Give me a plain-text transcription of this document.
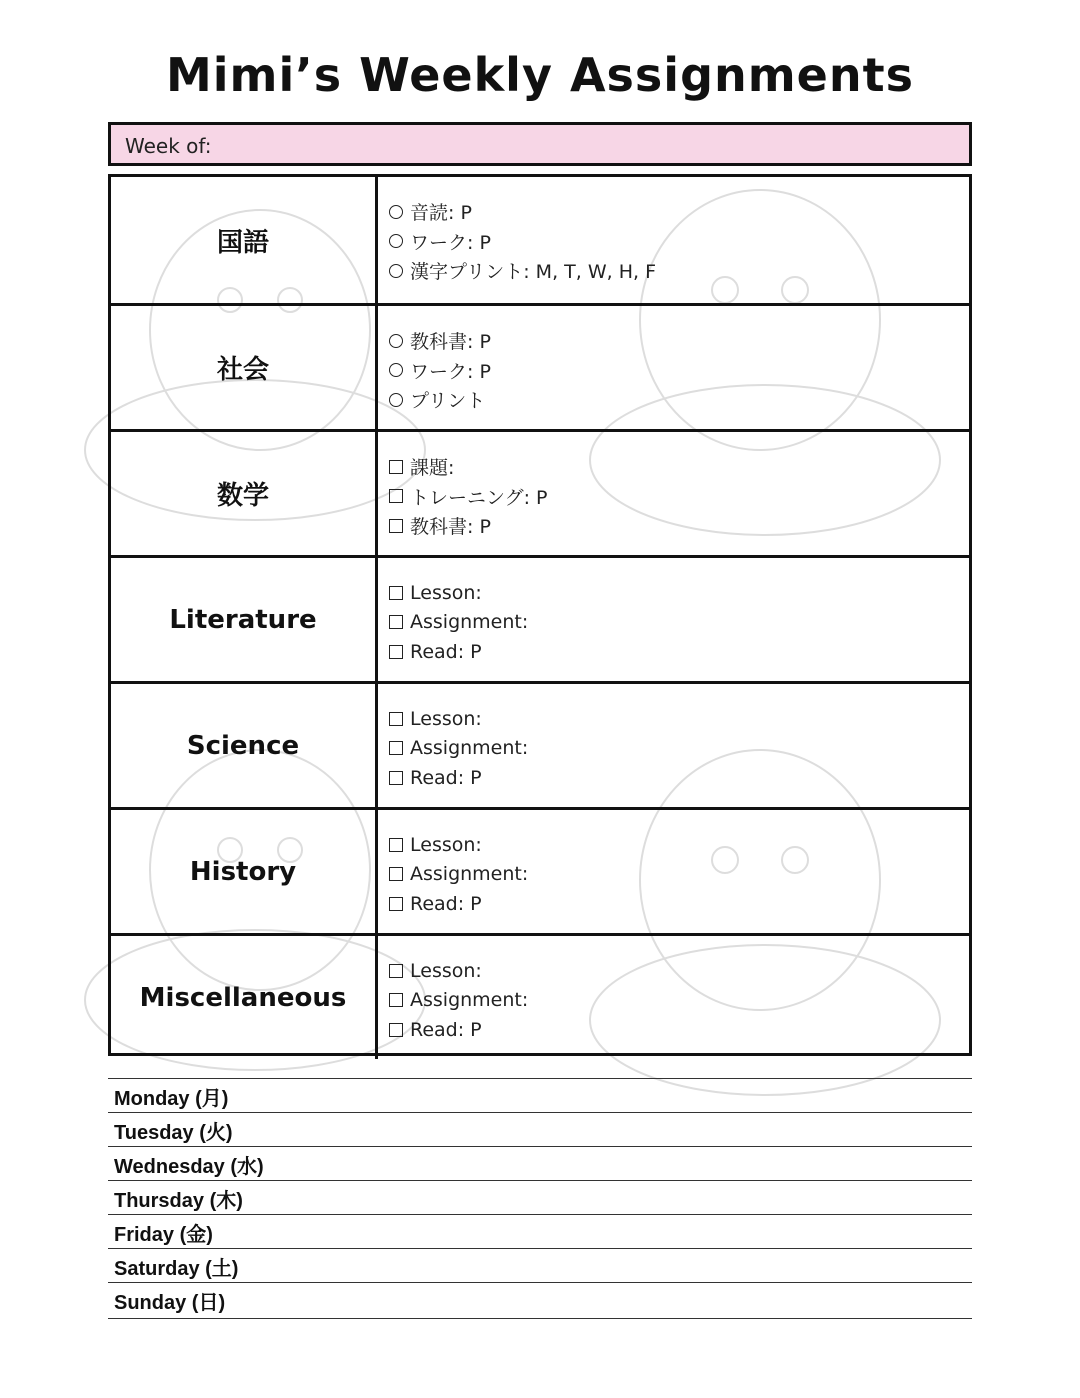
Mimi’s Weekly Assignments
Week of:
国語
音読: P
ワーク: P
漢字プリント: M, T, W, H, F
社会
教科書: P
ワーク: P
プリント
数学
課題:
トレーニング: P
教科書: P
Literature
Lesson:
Assignment:
Read: P
Science
Lesson:
Assignment:
Read: P
History
Lesson:
Assignment:
Read: P
Miscellaneous
Lesson:
Assignment:
Read: P
Monday (月)
Tuesday (火)
Wednesday (水)
Thursday (木)
Friday (金)
Saturday (土)
Sunday (日)
